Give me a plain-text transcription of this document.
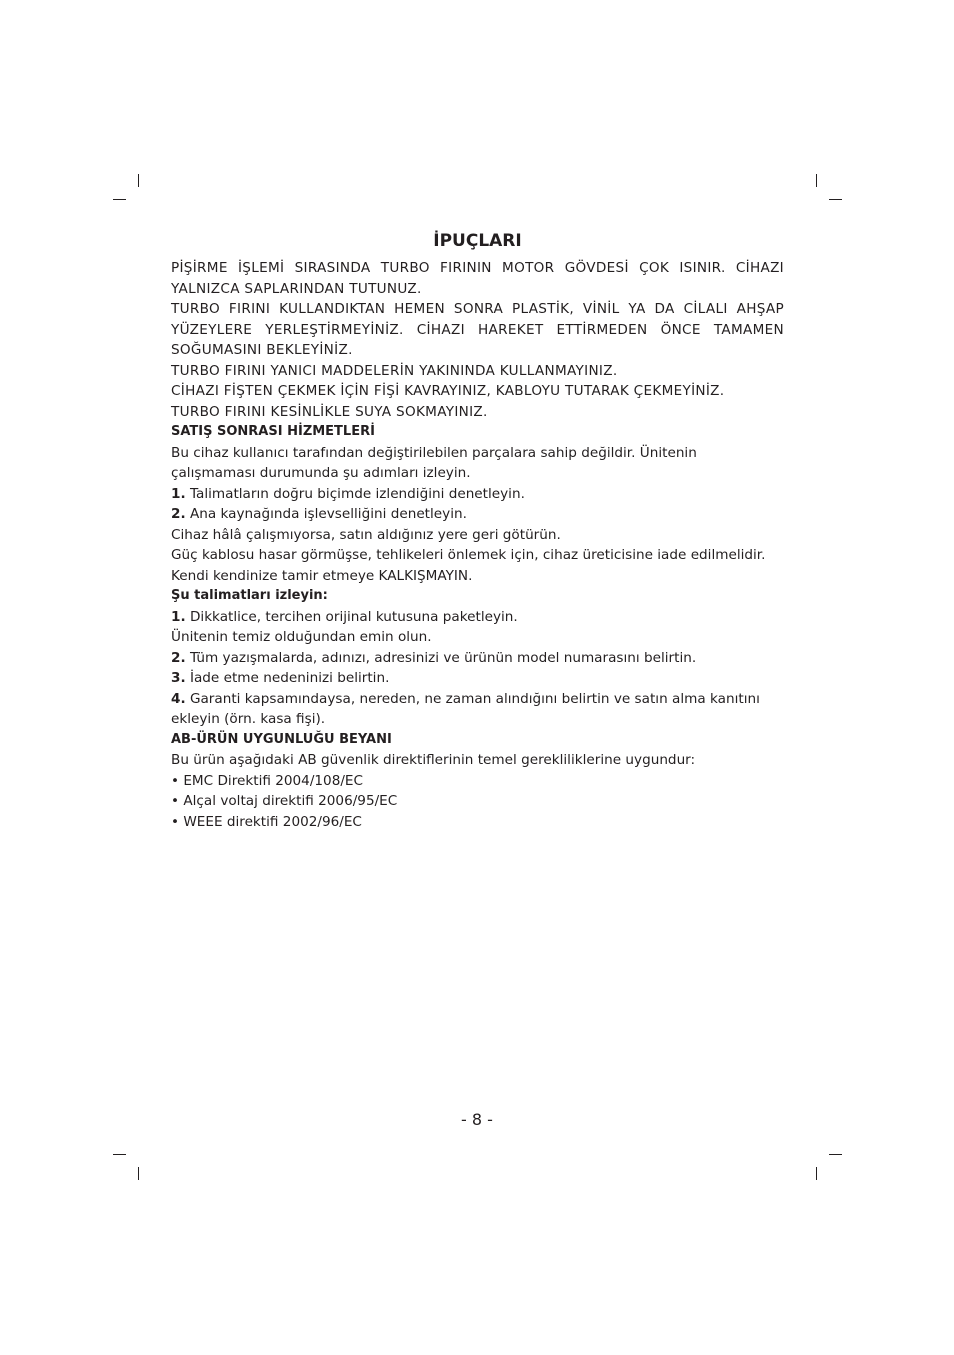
İPUÇLARI

PİŞİRME İŞLEMİ SIRASINDA TURBO FIRININ MOTOR GÖVDESİ ÇOK ISINIR. CİHAZI YALNIZCA SAPLARINDAN TUTUNUZ.

TURBO FIRINI KULLANDIKTAN HEMEN SONRA PLASTİK, VİNİL YA DA CİLALI AHŞAP YÜZEYLERE YERLEŞTİRMEYİNİZ. CİHAZI HAREKET ETTİRMEDEN ÖNCE TAMAMEN SOĞUMASINI BEKLEYİNİZ.

TURBO FIRINI YANICI MADDELERİN YAKININDA KULLANMAYINIZ.

CİHAZI FİŞTEN ÇEKMEK İÇİN FİŞİ KAVRAYINIZ, KABLOYU TUTARAK ÇEKMEYİNİZ.

TURBO FIRINI KESİNLİKLE SUYA SOKMAYINIZ.

SATIŞ SONRASI HİZMETLERİ

Bu cihaz kullanıcı tarafından değiştirilebilen parçalara sahip değildir. Ünitenin çalışmaması durumunda şu adımları izleyin.

1. Talimatların doğru biçimde izlendiğini denetleyin.

2. Ana kaynağında işlevselliğini denetleyin.

Cihaz hâlâ çalışmıyorsa, satın aldığınız yere geri götürün.

Güç kablosu hasar görmüşse, tehlikeleri önlemek için, cihaz üreticisine iade edilmelidir.

Kendi kendinize tamir etmeye KALKIŞMAYIN.

Şu talimatları izleyin:

1. Dikkatlice, tercihen orijinal kutusuna paketleyin.

Ünitenin temiz olduğundan emin olun.

2. Tüm yazışmalarda, adınızı, adresinizi ve ürünün model numarasını belirtin.

3. İade etme nedeninizi belirtin.

4. Garanti kapsamındaysa, nereden, ne zaman alındığını belirtin ve satın alma kanıtını ekleyin (örn. kasa fişi).

AB-ÜRÜN UYGUNLUĞU BEYANI

Bu ürün aşağıdaki AB güvenlik direktiflerinin temel gerekliliklerine uygundur:

• EMC Direktifi 2004/108/EC

• Alçal voltaj direktifi 2006/95/EC

• WEEE direktifi 2002/96/EC

- 8 -
